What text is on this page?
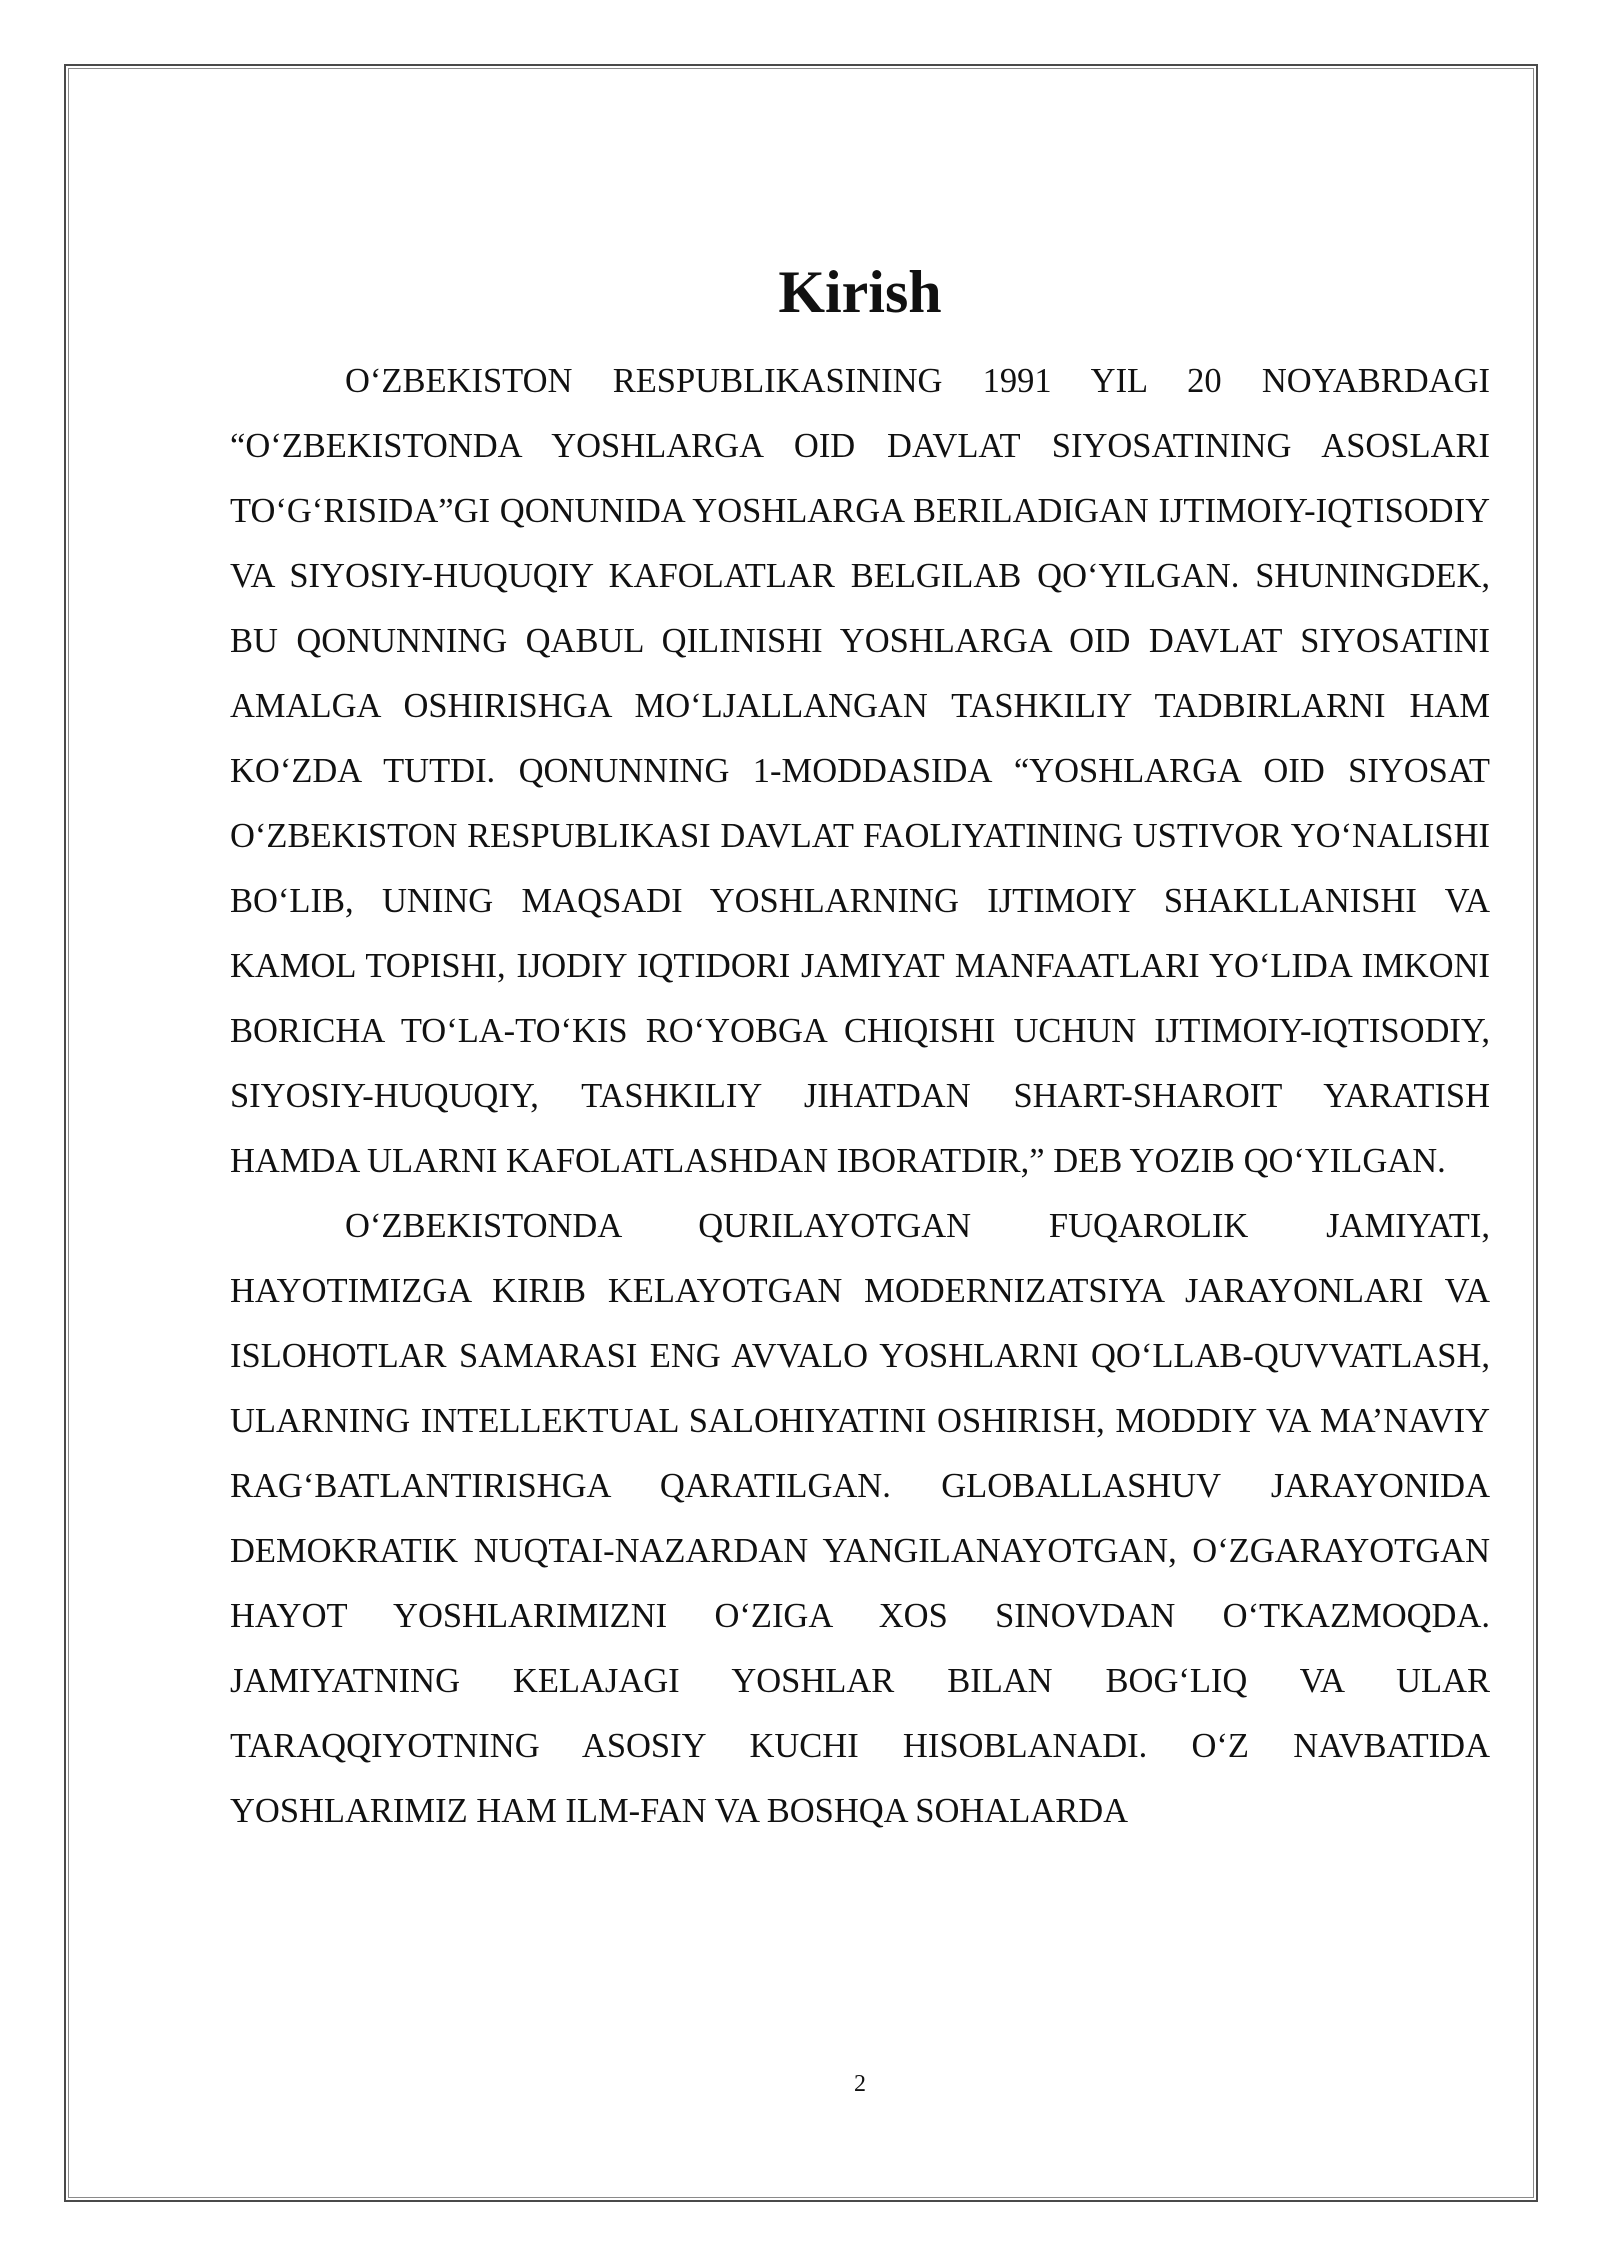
Kirish

O‘ZBEKISTON RESPUBLIKASINING 1991 YIL 20 NOYABRDAGI “O‘ZBEKISTONDA YOSHLARGA OID DAVLAT SIYOSATINING ASOSLARI TO‘G‘RISIDA”GI QONUNIDA YOSHLARGA BERILADIGAN IJTIMOIY-IQTISODIY VA SIYOSIY-HUQUQIY KAFOLATLAR BELGILAB QO‘YILGAN. SHUNINGDEK, BU QONUNNING QABUL QILINISHI YOSHLARGA OID DAVLAT SIYOSATINI AMALGA OSHIRISHGA MO‘LJALLANGAN TASHKILIY TADBIRLARNI HAM KO‘ZDA TUTDI. QONUNNING 1-MODDASIDA “YOSHLARGA OID SIYOSAT O‘ZBEKISTON RESPUBLIKASI DAVLAT FAOLIYATINING USTIVOR YO‘NALISHI BO‘LIB, UNING MAQSADI YOSHLARNING IJTIMOIY SHAKLLANISHI VA KAMOL TOPISHI, IJODIY IQTIDORI JAMIYAT MANFAATLARI YO‘LIDA IMKONI BORICHA TO‘LA-TO‘KIS RO‘YOBGA CHIQISHI UCHUN IJTIMOIY-IQTISODIY, SIYOSIY-HUQUQIY, TASHKILIY JIHATDAN SHART-SHAROIT YARATISH HAMDA ULARNI KAFOLATLASHDAN IBORATDIR,” DEB YOZIB QO‘YILGAN.

O‘ZBEKISTONDA QURILAYOTGAN FUQAROLIK JAMIYATI, HAYOTIMIZGA KIRIB KELAYOTGAN MODERNIZATSIYA JARAYONLARI VA ISLOHOTLAR SAMARASI ENG AVVALO YOSHLARNI QO‘LLAB-QUVVATLASH, ULARNING INTELLEKTUAL SALOHIYATINI OSHIRISH, MODDIY VA MA’NAVIY RAG‘BATLANTIRISHGA QARATILGAN. GLOBALLASHUV JARAYONIDA DEMOKRATIK NUQTAI-NAZARDAN YANGILANAYOTGAN, O‘ZGARAYOTGAN HAYOT YOSHLARIMIZNI O‘ZIGA XOS SINOVDAN O‘TKAZMOQDA. JAMIYATNING KELAJAGI YOSHLAR BILAN BOG‘LIQ VA ULAR TARAQQIYOTNING ASOSIY KUCHI HISOBLANADI. O‘Z NAVBATIDA YOSHLARIMIZ HAM ILM-FAN VA BOSHQA SOHALARDA

2
